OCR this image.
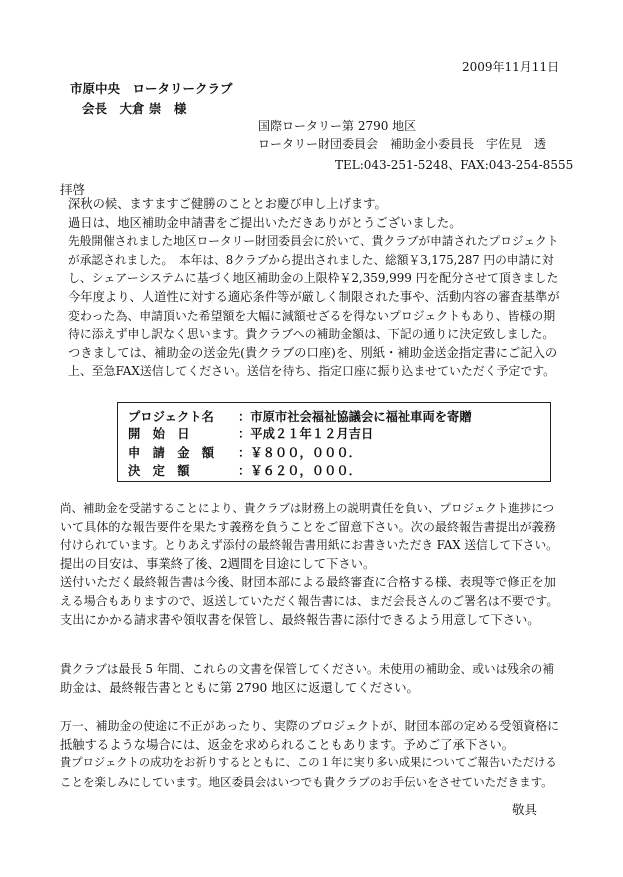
2009年11月11日
市原中央　ロータリークラブ
会長　大倉 崇　様
国際ロータリー第 2790 地区
ロータリー財団委員会　補助金小委員長　宇佐見　透
TEL:043-251-5248、FAX:043-254-8555
拝啓
深秋の候、ますますご健勝のこととお慶び申し上げます。
過日は、地区補助金申請書をご提出いただきありがとうございました。
先般開催されました地区ロータリー財団委員会に於いて、貴クラブが申請されたプロジェクト
が承認されました。　本年は、8クラブから提出されました、総額￥3,175,287 円の申請に対
し、シェアーシステムに基づく地区補助金の上限枠￥2,359,999 円を配分させて頂きました
今年度より、人道性に対する適応条件等が厳しく制限された事や、活動内容の審査基準が
変わった為、申請頂いた希望額を大幅に減額せざるを得ないプロジェクトもあり、皆様の期
待に添えず申し訳なく思います。貴クラブへの補助金額は、下記の通りに決定致しました。
つきましては、補助金の送金先(貴クラブの口座)を、別紙・補助金送金指定書にご記入の
上、至急FAX送信してください。送信を待ち、指定口座に振り込ませていただく予定です。
プロジェクト名 ：市原市社会福祉協議会に福祉車両を寄贈
開　始　日	：平成２１年１２月吉日
申　請　金　額 ：￥８００，０００．
決　定　額	：￥６２０，０００．
尚、補助金を受諾することにより、貴クラブは財務上の説明責任を負い、プロジェクト進捗につ
いて具体的な報告要件を果たす義務を負うことをご留意下さい。次の最終報告書提出が義務
付けられています。とりあえず添付の最終報告書用紙にお書きいただき FAX 送信して下さい。
提出の目安は、事業終了後、2週間を目途にして下さい。
送付いただく最終報告書は今後、財団本部による最終審査に合格する様、表現等で修正を加
える場合もありますので、返送していただく報告書には、まだ会長さんのご署名は不要です。
支出にかかる請求書や領収書を保管し、最終報告書に添付できるよう用意して下さい。
貴クラブは最長 5 年間、これらの文書を保管してください。未使用の補助金、或いは残余の補
助金は、最終報告書とともに第 2790 地区に返還してください。
万一、補助金の使途に不正があったり、実際のプロジェクトが、財団本部の定める受領資格に
抵触するような場合には、返金を求められることもあります。予めご了承下さい。
貴プロジェクトの成功をお祈りするとともに、この１年に実り多い成果についてご報告いただける
ことを楽しみにしています。地区委員会はいつでも貴クラブのお手伝いをさせていただきます。
敬具
